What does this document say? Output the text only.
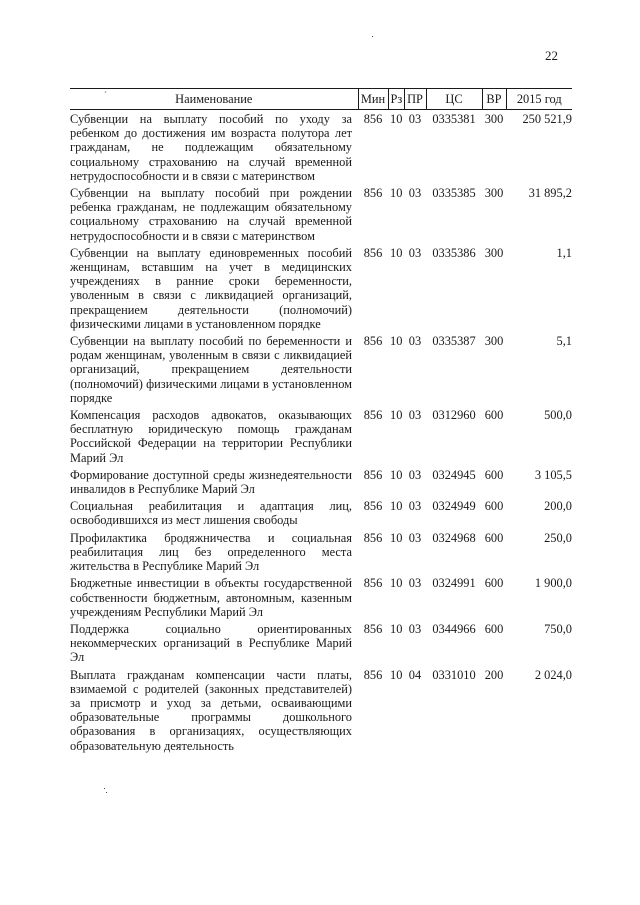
22
ˊ	Наименование	Мин	Рз	ПР	ЦС	ВР	2015 год
Субвенции на выплату пособий по уходу за ребенком до достижения им возраста полутора лет гражданам, не подлежащим обязательному социальному страхованию на случай временной нетрудоспособности и в связи с материнством	856	10	03	0335381	300	250 521,9
Субвенции на выплату пособий при рождении ребенка гражданам, не подлежащим обязательному социальному страхованию на случай временной нетрудоспособности и в связи с материнством	856	10	03	0335385	300	31 895,2
Субвенции на выплату единовременных пособий женщинам, вставшим на учет в медицинских учреждениях в ранние сроки беременности, уволенным в связи с ликвидацией организаций, прекращением деятельности (полномочий) физическими лицами в установленном порядке	856	10	03	0335386	300	1,1
Субвенции на выплату пособий по беременности и родам женщинам, уволенным в связи с ликвидацией организаций, прекращением деятельности (полномочий) физическими лицами в установленном порядке	856	10	03	0335387	300	5,1
Компенсация расходов адвокатов, оказывающих бесплатную юридическую помощь гражданам Российской Федерации на территории Республики Марий Эл	856	10	03	0312960	600	500,0
Формирование доступной среды жизнедеятельности инвалидов в Республике Марий Эл	856	10	03	0324945	600	3 105,5
Социальная реабилитация и адаптация лиц, освободившихся из мест лишения свободы	856	10	03	0324949	600	200,0
Профилактика бродяжничества и социальная реабилитация лиц без определенного места жительства в Республике Марий Эл	856	10	03	0324968	600	250,0
Бюджетные инвестиции в объекты государственной собственности бюджетным, автономным, казенным учреждениям Республики Марий Эл	856	10	03	0324991	600	1 900,0
Поддержка социально ориентированных некоммерческих организаций в Республике Марий Эл	856	10	03	0344966	600	750,0
Выплата гражданам компенсации части платы, взимаемой с родителей (законных представителей) за присмотр и уход за детьми, осваивающими образовательные программы дошкольного образования в организациях, осуществляющих образовательную деятельность	856	10	04	0331010	200	2 024,0
